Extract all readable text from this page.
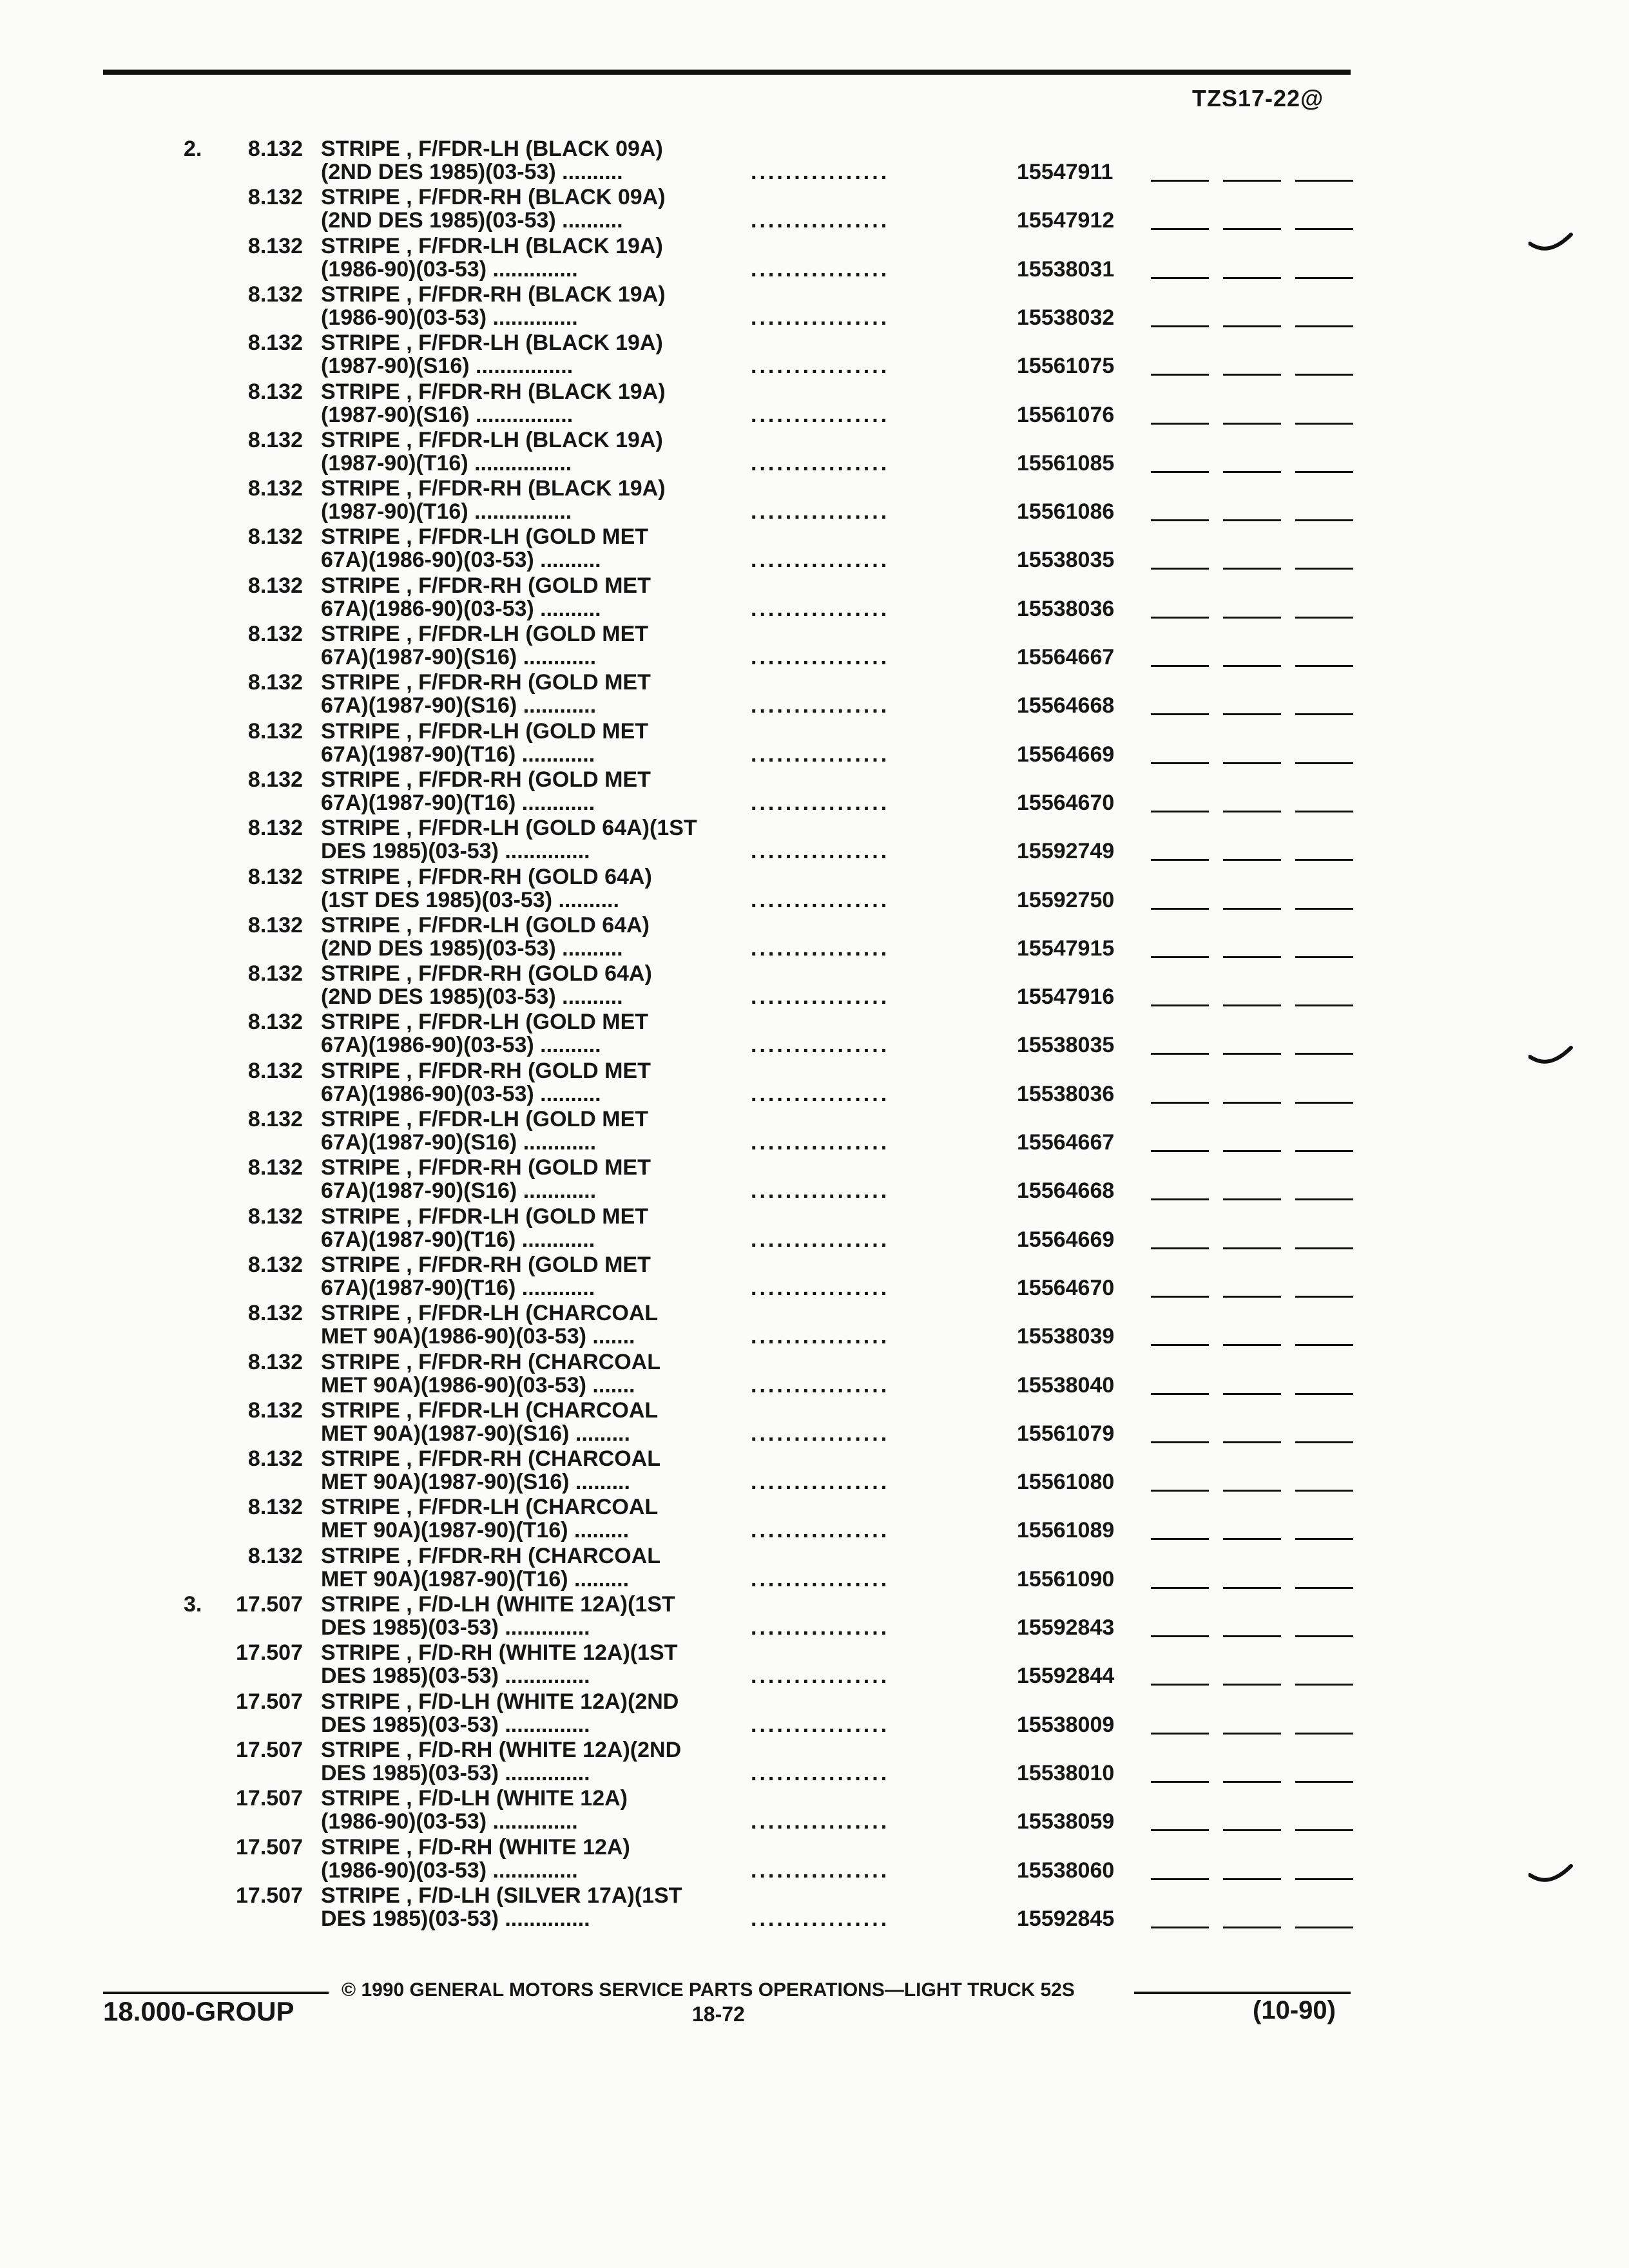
TZS17-22@
2. 8.132 STRIPE , F/FDR-LH (BLACK 09A)
(2ND DES 1985)(03-53) ..........	................	15547911
8.132 STRIPE , F/FDR-RH (BLACK 09A)
(2ND DES 1985)(03-53) ..........	................	15547912
8.132 STRIPE , F/FDR-LH (BLACK 19A)
(1986-90)(03-53) ..............	................	15538031
8.132 STRIPE , F/FDR-RH (BLACK 19A)
(1986-90)(03-53) ..............	................	15538032
8.132 STRIPE , F/FDR-LH (BLACK 19A)
(1987-90)(S16) ................	................	15561075
8.132 STRIPE , F/FDR-RH (BLACK 19A)
(1987-90)(S16) ................	................	15561076
8.132 STRIPE , F/FDR-LH (BLACK 19A)
(1987-90)(T16) ................	................	15561085
8.132 STRIPE , F/FDR-RH (BLACK 19A)
(1987-90)(T16) ................	................	15561086
8.132 STRIPE , F/FDR-LH (GOLD MET
67A)(1986-90)(03-53) ..........	................	15538035
8.132 STRIPE , F/FDR-RH (GOLD MET
67A)(1986-90)(03-53) ..........	................	15538036
8.132 STRIPE , F/FDR-LH (GOLD MET
67A)(1987-90)(S16) ............	................	15564667
8.132 STRIPE , F/FDR-RH (GOLD MET
67A)(1987-90)(S16) ............	................	15564668
8.132 STRIPE , F/FDR-LH (GOLD MET
67A)(1987-90)(T16) ............	................	15564669
8.132 STRIPE , F/FDR-RH (GOLD MET
67A)(1987-90)(T16) ............	................	15564670
8.132 STRIPE , F/FDR-LH (GOLD 64A)(1ST
DES 1985)(03-53) ..............	................	15592749
8.132 STRIPE , F/FDR-RH (GOLD 64A)
(1ST DES 1985)(03-53) ..........	................	15592750
8.132 STRIPE , F/FDR-LH (GOLD 64A)
(2ND DES 1985)(03-53) ..........	................	15547915
8.132 STRIPE , F/FDR-RH (GOLD 64A)
(2ND DES 1985)(03-53) ..........	................	15547916
8.132 STRIPE , F/FDR-LH (GOLD MET
67A)(1986-90)(03-53) ..........	................	15538035
8.132 STRIPE , F/FDR-RH (GOLD MET
67A)(1986-90)(03-53) ..........	................	15538036
8.132 STRIPE , F/FDR-LH (GOLD MET
67A)(1987-90)(S16) ............	................	15564667
8.132 STRIPE , F/FDR-RH (GOLD MET
67A)(1987-90)(S16) ............	................	15564668
8.132 STRIPE , F/FDR-LH (GOLD MET
67A)(1987-90)(T16) ............	................	15564669
8.132 STRIPE , F/FDR-RH (GOLD MET
67A)(1987-90)(T16) ............	................	15564670
8.132 STRIPE , F/FDR-LH (CHARCOAL
MET 90A)(1986-90)(03-53) .......	................	15538039
8.132 STRIPE , F/FDR-RH (CHARCOAL
MET 90A)(1986-90)(03-53) .......	................	15538040
8.132 STRIPE , F/FDR-LH (CHARCOAL
MET 90A)(1987-90)(S16) .........	................	15561079
8.132 STRIPE , F/FDR-RH (CHARCOAL
MET 90A)(1987-90)(S16) .........	................	15561080
8.132 STRIPE , F/FDR-LH (CHARCOAL
MET 90A)(1987-90)(T16) .........	................	15561089
8.132 STRIPE , F/FDR-RH (CHARCOAL
MET 90A)(1987-90)(T16) .........	................	15561090
3. 17.507 STRIPE , F/D-LH (WHITE 12A)(1ST
DES 1985)(03-53) ..............	................	15592843
17.507 STRIPE , F/D-RH (WHITE 12A)(1ST
DES 1985)(03-53) ..............	................	15592844
17.507 STRIPE , F/D-LH (WHITE 12A)(2ND
DES 1985)(03-53) ..............	................	15538009
17.507 STRIPE , F/D-RH (WHITE 12A)(2ND
DES 1985)(03-53) ..............	................	15538010
17.507 STRIPE , F/D-LH (WHITE 12A)
(1986-90)(03-53) ..............	................	15538059
17.507 STRIPE , F/D-RH (WHITE 12A)
(1986-90)(03-53) ..............	................	15538060
17.507 STRIPE , F/D-LH (SILVER 17A)(1ST
DES 1985)(03-53) ..............	................	15592845
© 1990 GENERAL MOTORS SERVICE PARTS OPERATIONS—LIGHT TRUCK 52S
18.000-GROUP	18-72	(10-90)
